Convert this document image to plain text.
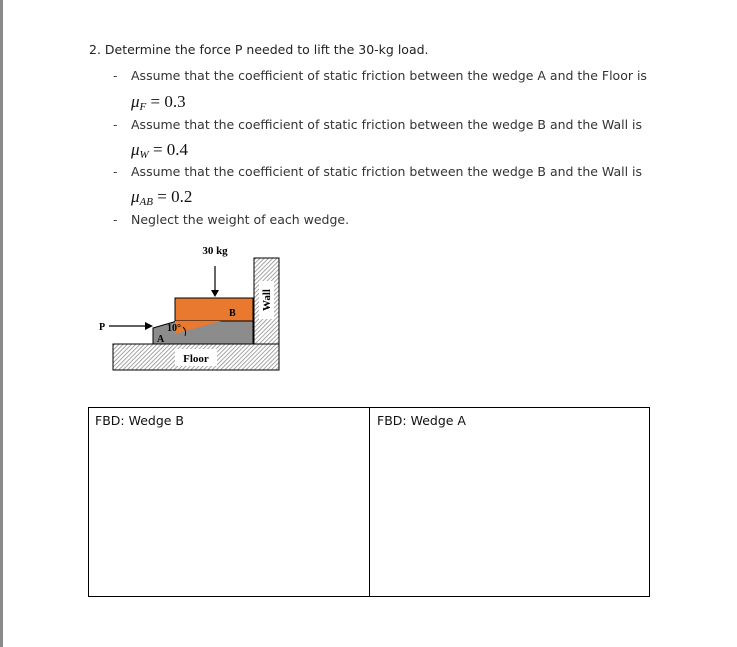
2. Determine the force P needed to lift the 30-kg load.
- Assume that the coefficient of static friction between the wedge A and the Floor is
$\mu_F = 0.3$
- Assume that the coefficient of static friction between the wedge B and the Wall is
$\mu_W = 0.4$
- Assume that the coefficient of static friction between the wedge B and the Wall is
$\mu_{AB} = 0.2$
- Neglect the weight of each wedge.
Floor
Wall
A
B
30 kg
P	10°
FBD: Wedge B	FBD: Wedge A
